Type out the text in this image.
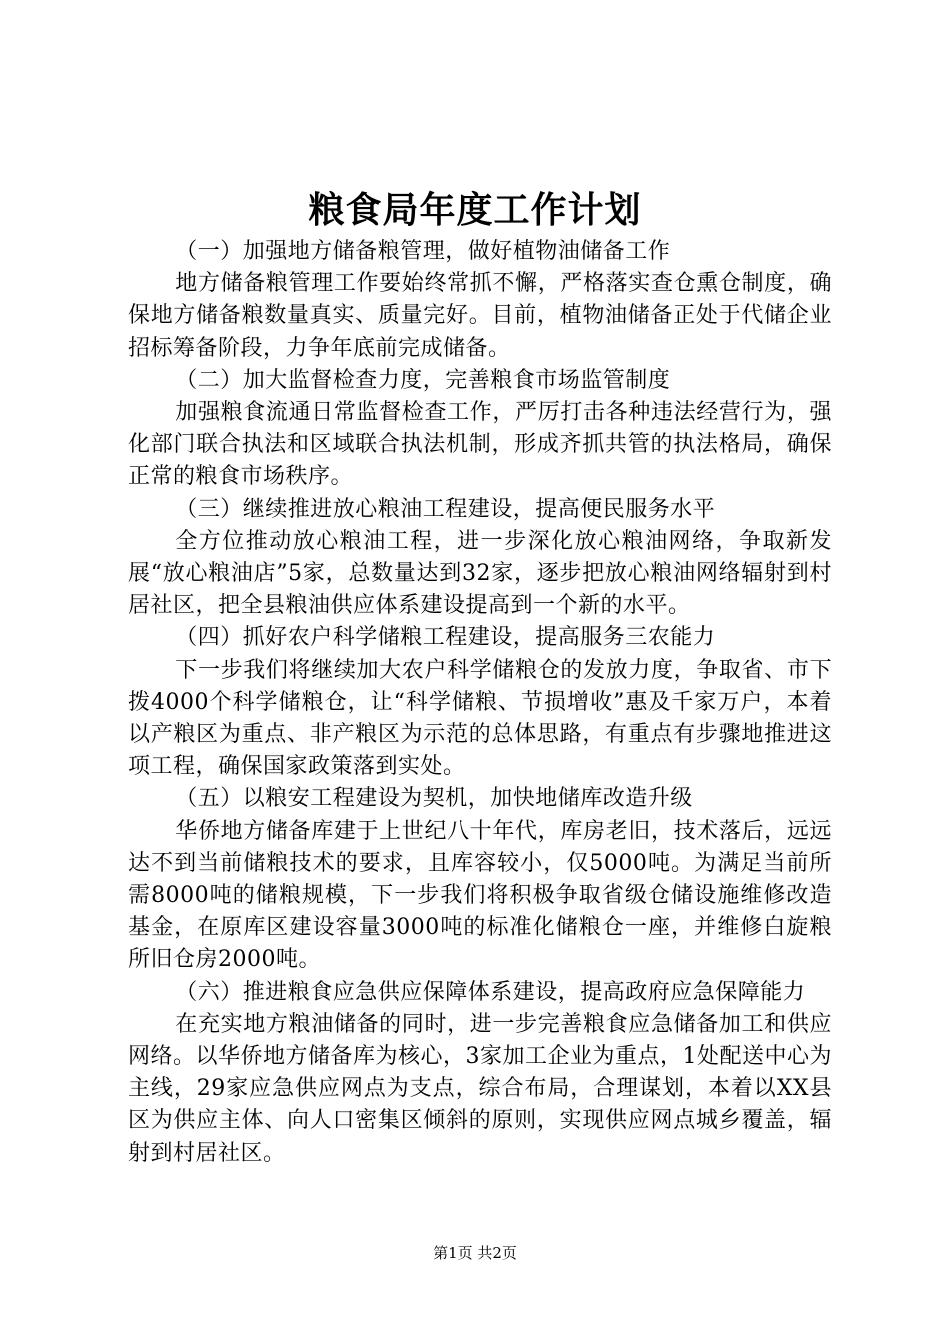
粮食局年度工作计划

（一）加强地方储备粮管理，做好植物油储备工作

地方储备粮管理工作要始终常抓不懈，严格落实查仓熏仓制度，确保地方储备粮数量真实、质量完好。目前，植物油储备正处于代储企业招标筹备阶段，力争年底前完成储备。

（二）加大监督检查力度，完善粮食市场监管制度

加强粮食流通日常监督检查工作，严厉打击各种违法经营行为，强化部门联合执法和区域联合执法机制，形成齐抓共管的执法格局，确保正常的粮食市场秩序。

（三）继续推进放心粮油工程建设，提高便民服务水平

全方位推动放心粮油工程，进一步深化放心粮油网络，争取新发展“放心粮油店”5家，总数量达到32家，逐步把放心粮油网络辐射到村居社区，把全县粮油供应体系建设提高到一个新的水平。

（四）抓好农户科学储粮工程建设，提高服务三农能力

下一步我们将继续加大农户科学储粮仓的发放力度，争取省、市下拨4000个科学储粮仓，让“科学储粮、节损增收”惠及千家万户，本着以产粮区为重点、非产粮区为示范的总体思路，有重点有步骤地推进这项工程，确保国家政策落到实处。

（五）以粮安工程建设为契机，加快地储库改造升级

华侨地方储备库建于上世纪八十年代，库房老旧，技术落后，远远达不到当前储粮技术的要求，且库容较小，仅5000吨。为满足当前所需8000吨的储粮规模，下一步我们将积极争取省级仓储设施维修改造基金，在原库区建设容量3000吨的标准化储粮仓一座，并维修白旋粮所旧仓房2000吨。

（六）推进粮食应急供应保障体系建设，提高政府应急保障能力

在充实地方粮油储备的同时，进一步完善粮食应急储备加工和供应网络。以华侨地方储备库为核心，3家加工企业为重点，1处配送中心为主线，29家应急供应网点为支点，综合布局，合理谋划，本着以XX县区为供应主体、向人口密集区倾斜的原则，实现供应网点城乡覆盖，辐射到村居社区。

第1页 共2页
